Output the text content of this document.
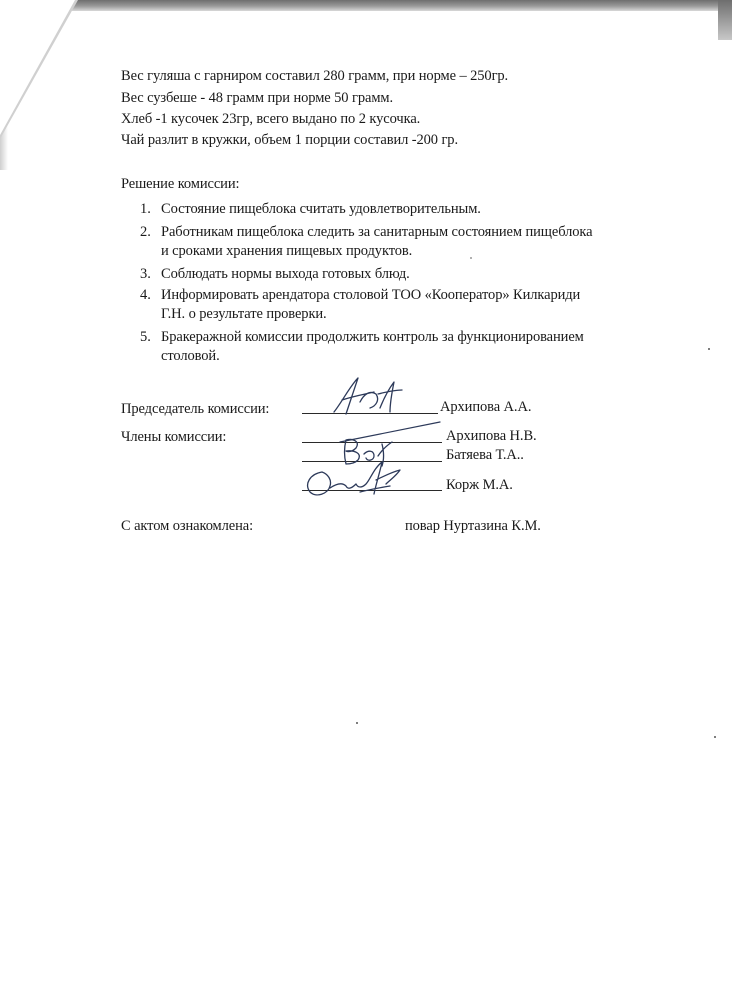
Вес гуляша с гарниром составил 280 грамм, при норме – 250гр.
Вес сузбеше - 48 грамм при норме 50 грамм.
Хлеб -1 кусочек 23гр, всего выдано по 2 кусочка.
Чай разлит в кружки, объем 1 порции составил -200 гр.
Решение комиссии:
1. Состояние пищеблока считать удовлетворительным.
2. Работникам пищеблока следить за санитарным состоянием пищеблока
и сроками хранения пищевых продуктов.
3. Соблюдать нормы выхода готовых блюд.
4. Информировать арендатора столовой ТОО «Кооператор» Килкариди
Г.Н. о результате проверки.
5. Бракеражной комиссии продолжить контроль за функционированием
столовой.
Председатель комиссии:	Архипова А.А.
Члены комиссии:	Архипова Н.В.
Батяева Т.А..
Корж М.А.
С актом ознакомлена:	повар Нуртазина К.М.
